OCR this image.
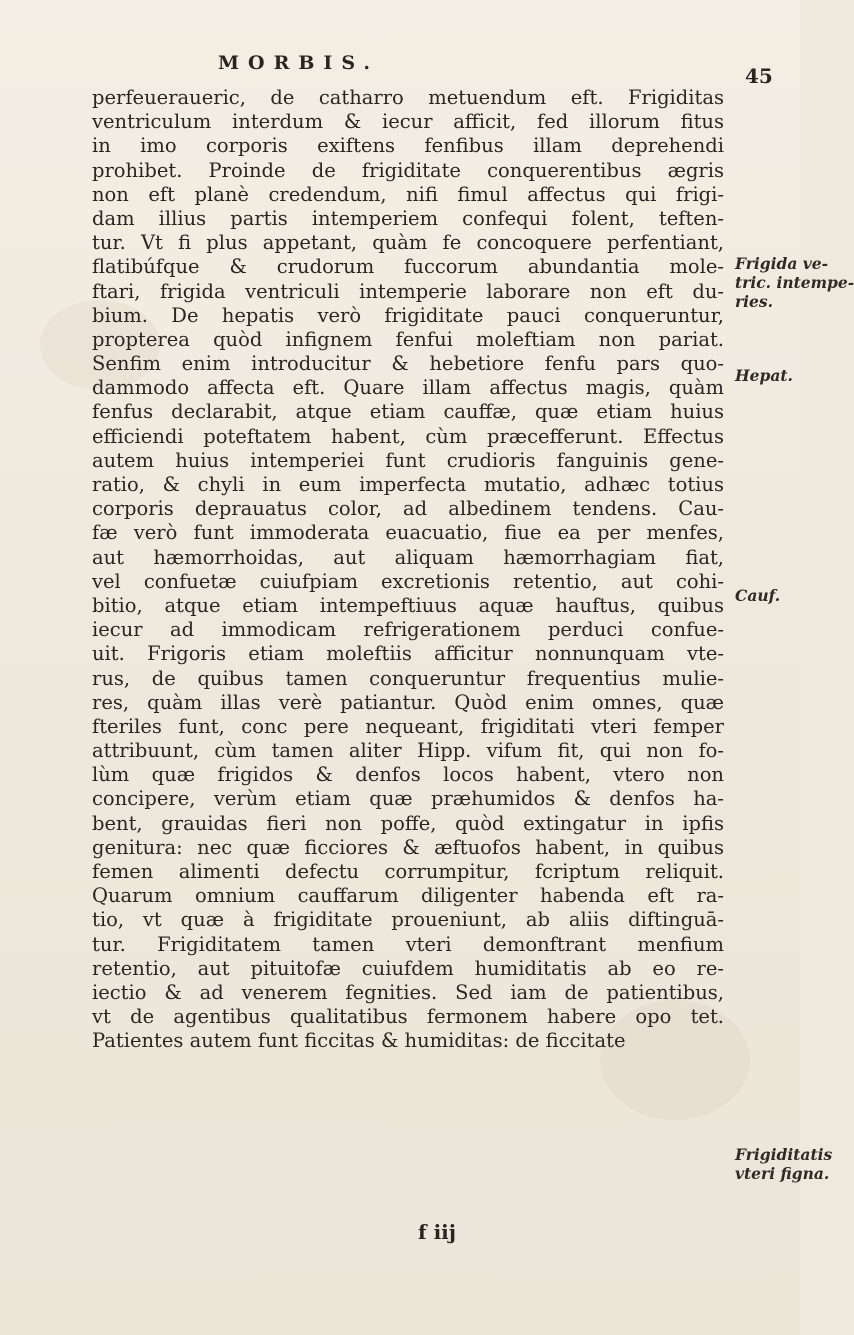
MORBIS.
45
perfeueraueric, de catharro metuendum eft. Frigiditas
ventriculum interdum & iecur afficit, fed illorum fitus
in imo corporis exiftens fenfibus illam deprehendi
prohibet. Proinde de frigiditate conquerentibus ægris
non eft planè credendum, nifi fimul affectus qui frigi-
dam illius partis intemperiem confequi folent, teften-
tur. Vt fi plus appetant, quàm fe concoquere perfentiant,
flatibúfque & crudorum fuccorum abundantia mole-
ftari, frigida ventriculi intemperie laborare non eft du-
bium. De hepatis verò frigiditate pauci conqueruntur,
propterea quòd infignem fenfui moleftiam non pariat.
Senfim enim introducitur & hebetiore fenfu pars quo-
dammodo affecta eft. Quare illam affectus magis, quàm
fenfus declarabit, atque etiam cauffæ, quæ etiam huius
efficiendi poteftatem habent, cùm præcefferunt. Effectus
autem huius intemperiei funt crudioris fanguinis gene-
ratio, & chyli in eum imperfecta mutatio, adhæc totius
corporis deprauatus color, ad albedinem tendens. Cau-
fæ verò funt immoderata euacuatio, fiue ea per menfes,
aut hæmorrhoidas, aut aliquam hæmorrhagiam fiat,
vel confuetæ cuiufpiam excretionis retentio, aut cohi-
bitio, atque etiam intempeftiuus aquæ hauftus, quibus
iecur ad immodicam refrigerationem perduci confue-
uit. Frigoris etiam moleftiis afficitur nonnunquam vte-
rus, de quibus tamen conqueruntur frequentius mulie-
res, quàm illas verè patiantur. Quòd enim omnes, quæ
fteriles funt, conc pere nequeant, frigiditati vteri femper
attribuunt, cùm tamen aliter Hipp. vifum fit, qui non fo-
lùm quæ frigidos & denfos locos habent, vtero non
concipere, verùm etiam quæ præhumidos & denfos ha-
bent, grauidas fieri non poffe, quòd extingatur in ipfis
genitura: nec quæ ficciores & æftuofos habent, in quibus
femen alimenti defectu corrumpitur, fcriptum reliquit.
Quarum omnium cauffarum diligenter habenda eft ra-
tio, vt quæ à frigiditate proueniunt, ab aliis diftinguā-
tur. Frigiditatem tamen vteri demonftrant menfium
retentio, aut pituitofæ cuiufdem humiditatis ab eo re-
iectio & ad venerem fegnities. Sed iam de patientibus,
vt de agentibus qualitatibus fermonem habere opo tet.
Patientes autem funt ficcitas & humiditas: de ficcitate
Frigida ve-
tric. intempe-
ries.
Hepat.
Cauf.
Frigiditatis
vteri figna.
f iij
